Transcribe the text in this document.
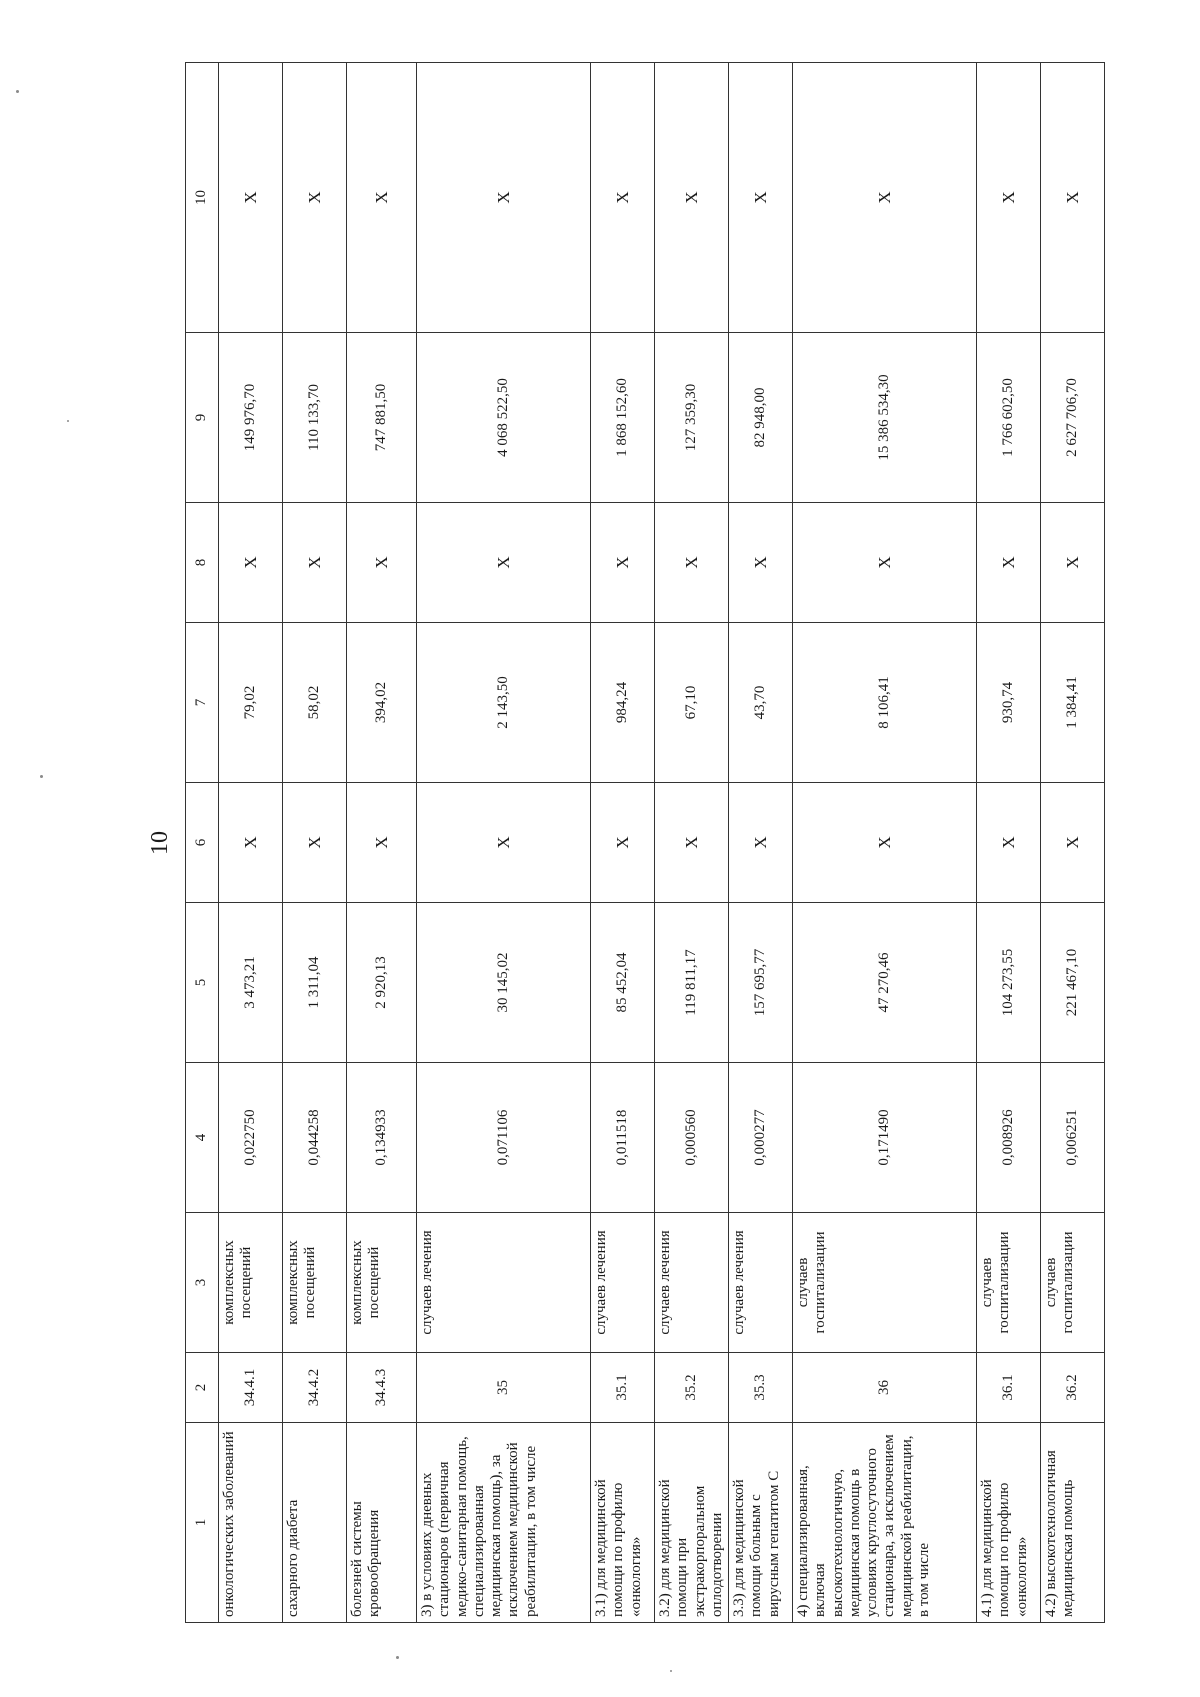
10
1	2	3	4	5	6	7	8	9	10
онкологических заболеваний	34.4.1	комплексных посещений	0,022750	3 473,21	X	79,02	X	149 976,70	X
сахарного диабета	34.4.2	комплексных посещений	0,044258	1 311,04	X	58,02	X	110 133,70	X
болезней системы кровообращения	34.4.3	комплексных посещений	0,134933	2 920,13	X	394,02	X	747 881,50	X
3) в условиях дневных стационаров (первичная медико-санитарная помощь, специализированная медицинская помощь), за исключением медицинской реабилитации, в том числе	35	случаев лечения	0,071106	30 145,02	X	2 143,50	X	4 068 522,50	X
3.1) для медицинской помощи по профилю «онкология»	35.1	случаев лечения	0,011518	85 452,04	X	984,24	X	1 868 152,60	X
3.2) для медицинской помощи при экстракорпоральном оплодотворении	35.2	случаев лечения	0,000560	119 811,17	X	67,10	X	127 359,30	X
3.3) для медицинской помощи больным с вирусным гепатитом С	35.3	случаев лечения	0,000277	157 695,77	X	43,70	X	82 948,00	X
4) специализированная, включая высокотехнологичную, медицинская помощь в условиях круглосуточного стационара, за исключением медицинской реабилитации, в том числе	36	случаев госпитализации	0,171490	47 270,46	X	8 106,41	X	15 386 534,30	X
4.1) для медицинской помощи по профилю «онкология»	36.1	случаев госпитализации	0,008926	104 273,55	X	930,74	X	1 766 602,50	X
4.2) высокотехнологичная медицинская помощь	36.2	случаев госпитализации	0,006251	221 467,10	X	1 384,41	X	2 627 706,70	X
